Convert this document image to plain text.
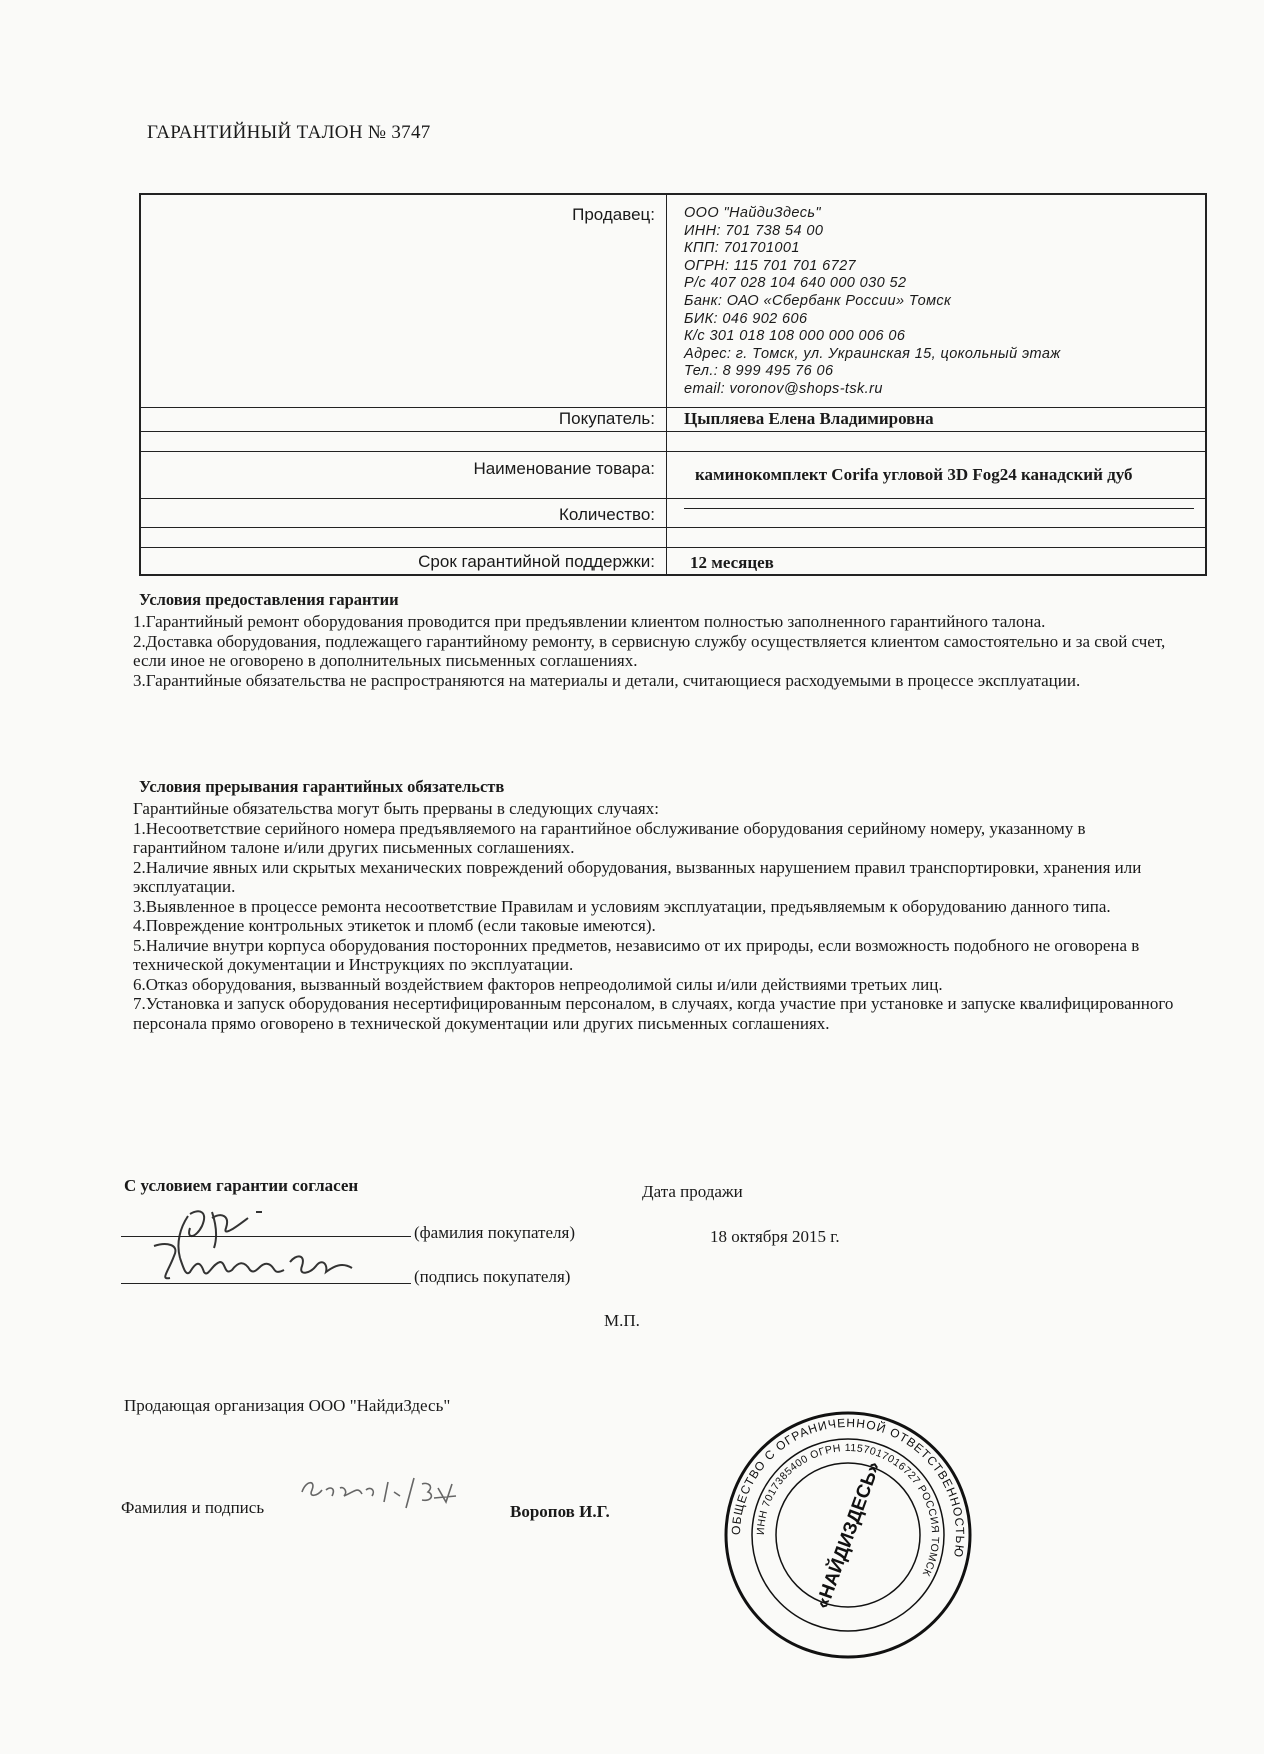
ГАРАНТИЙНЫЙ ТАЛОН № 3747
Продавец: ООО "НайдиЗдесь"
ИНН: 701 738 54 00
КПП: 701701001
ОГРН: 115 701 701 6727
Р/с 407 028 104 640 000 030 52
Банк: ОАО «Сбербанк России» Томск
БИК: 046 902 606
К/с 301 018 108 000 000 006 06
Адрес: г. Томск, ул. Украинская 15, цокольный этаж
Тел.: 8 999 495 76 06
email: voronov@shops-tsk.ru
Покупатель: Цыпляева Елена Владимировна
Наименование товара: каминокомплект Corifa угловой 3D Fog24 канадский дуб
Количество:
Срок гарантийной поддержки: 12 месяцев
Условия предоставления гарантии

1.Гарантийный ремонт оборудования проводится при предъявлении клиентом полностью заполненного гарантийного талона.

2.Доставка оборудования, подлежащего гарантийному ремонту, в сервисную службу осуществляется клиентом самостоятельно и за свой счет, если иное не оговорено в дополнительных письменных соглашениях.

3.Гарантийные обязательства не распространяются на материалы и детали, считающиеся расходуемыми в процессе эксплуатации.

Условия прерывания гарантийных обязательств

Гарантийные обязательства могут быть прерваны в следующих случаях:

1.Несоответствие серийного номера предъявляемого на гарантийное обслуживание оборудования серийному номеру, указанному в гарантийном талоне и/или других письменных соглашениях.

2.Наличие явных или скрытых механических повреждений оборудования, вызванных нарушением правил транспортировки, хранения или эксплуатации.

3.Выявленное в процессе ремонта несоответствие Правилам и условиям эксплуатации, предъявляемым к оборудованию данного типа.

4.Повреждение контрольных этикеток и пломб (если таковые имеются).

5.Наличие внутри корпуса оборудования посторонних предметов, независимо от их природы, если возможность подобного не оговорена в технической документации и Инструкциях по эксплуатации.

6.Отказ оборудования, вызванный воздействием факторов непреодолимой силы и/или действиями третьих лиц.

7.Установка и запуск оборудования несертифицированным персоналом, в случаях, когда участие при установке и запуске квалифицированного персонала прямо оговорено в технической документации или других письменных соглашениях.

С условием гарантии согласен	Дата продажи
(фамилия покупателя)	18 октября 2015 г.
(подпись покупателя)
М.П.
Продающая организация ООО "НайдиЗдесь"
Фамилия и подпись	Воропов И.Г.
ОБЩЕСТВО С ОГРАНИЧЕННОЙ ОТВЕТСТВЕННОСТЬЮ
ИНН 7017385400 ОГРН 1157017016727 РОССИЯ ТОМСК
«НАЙДИЗДЕСЬ»
